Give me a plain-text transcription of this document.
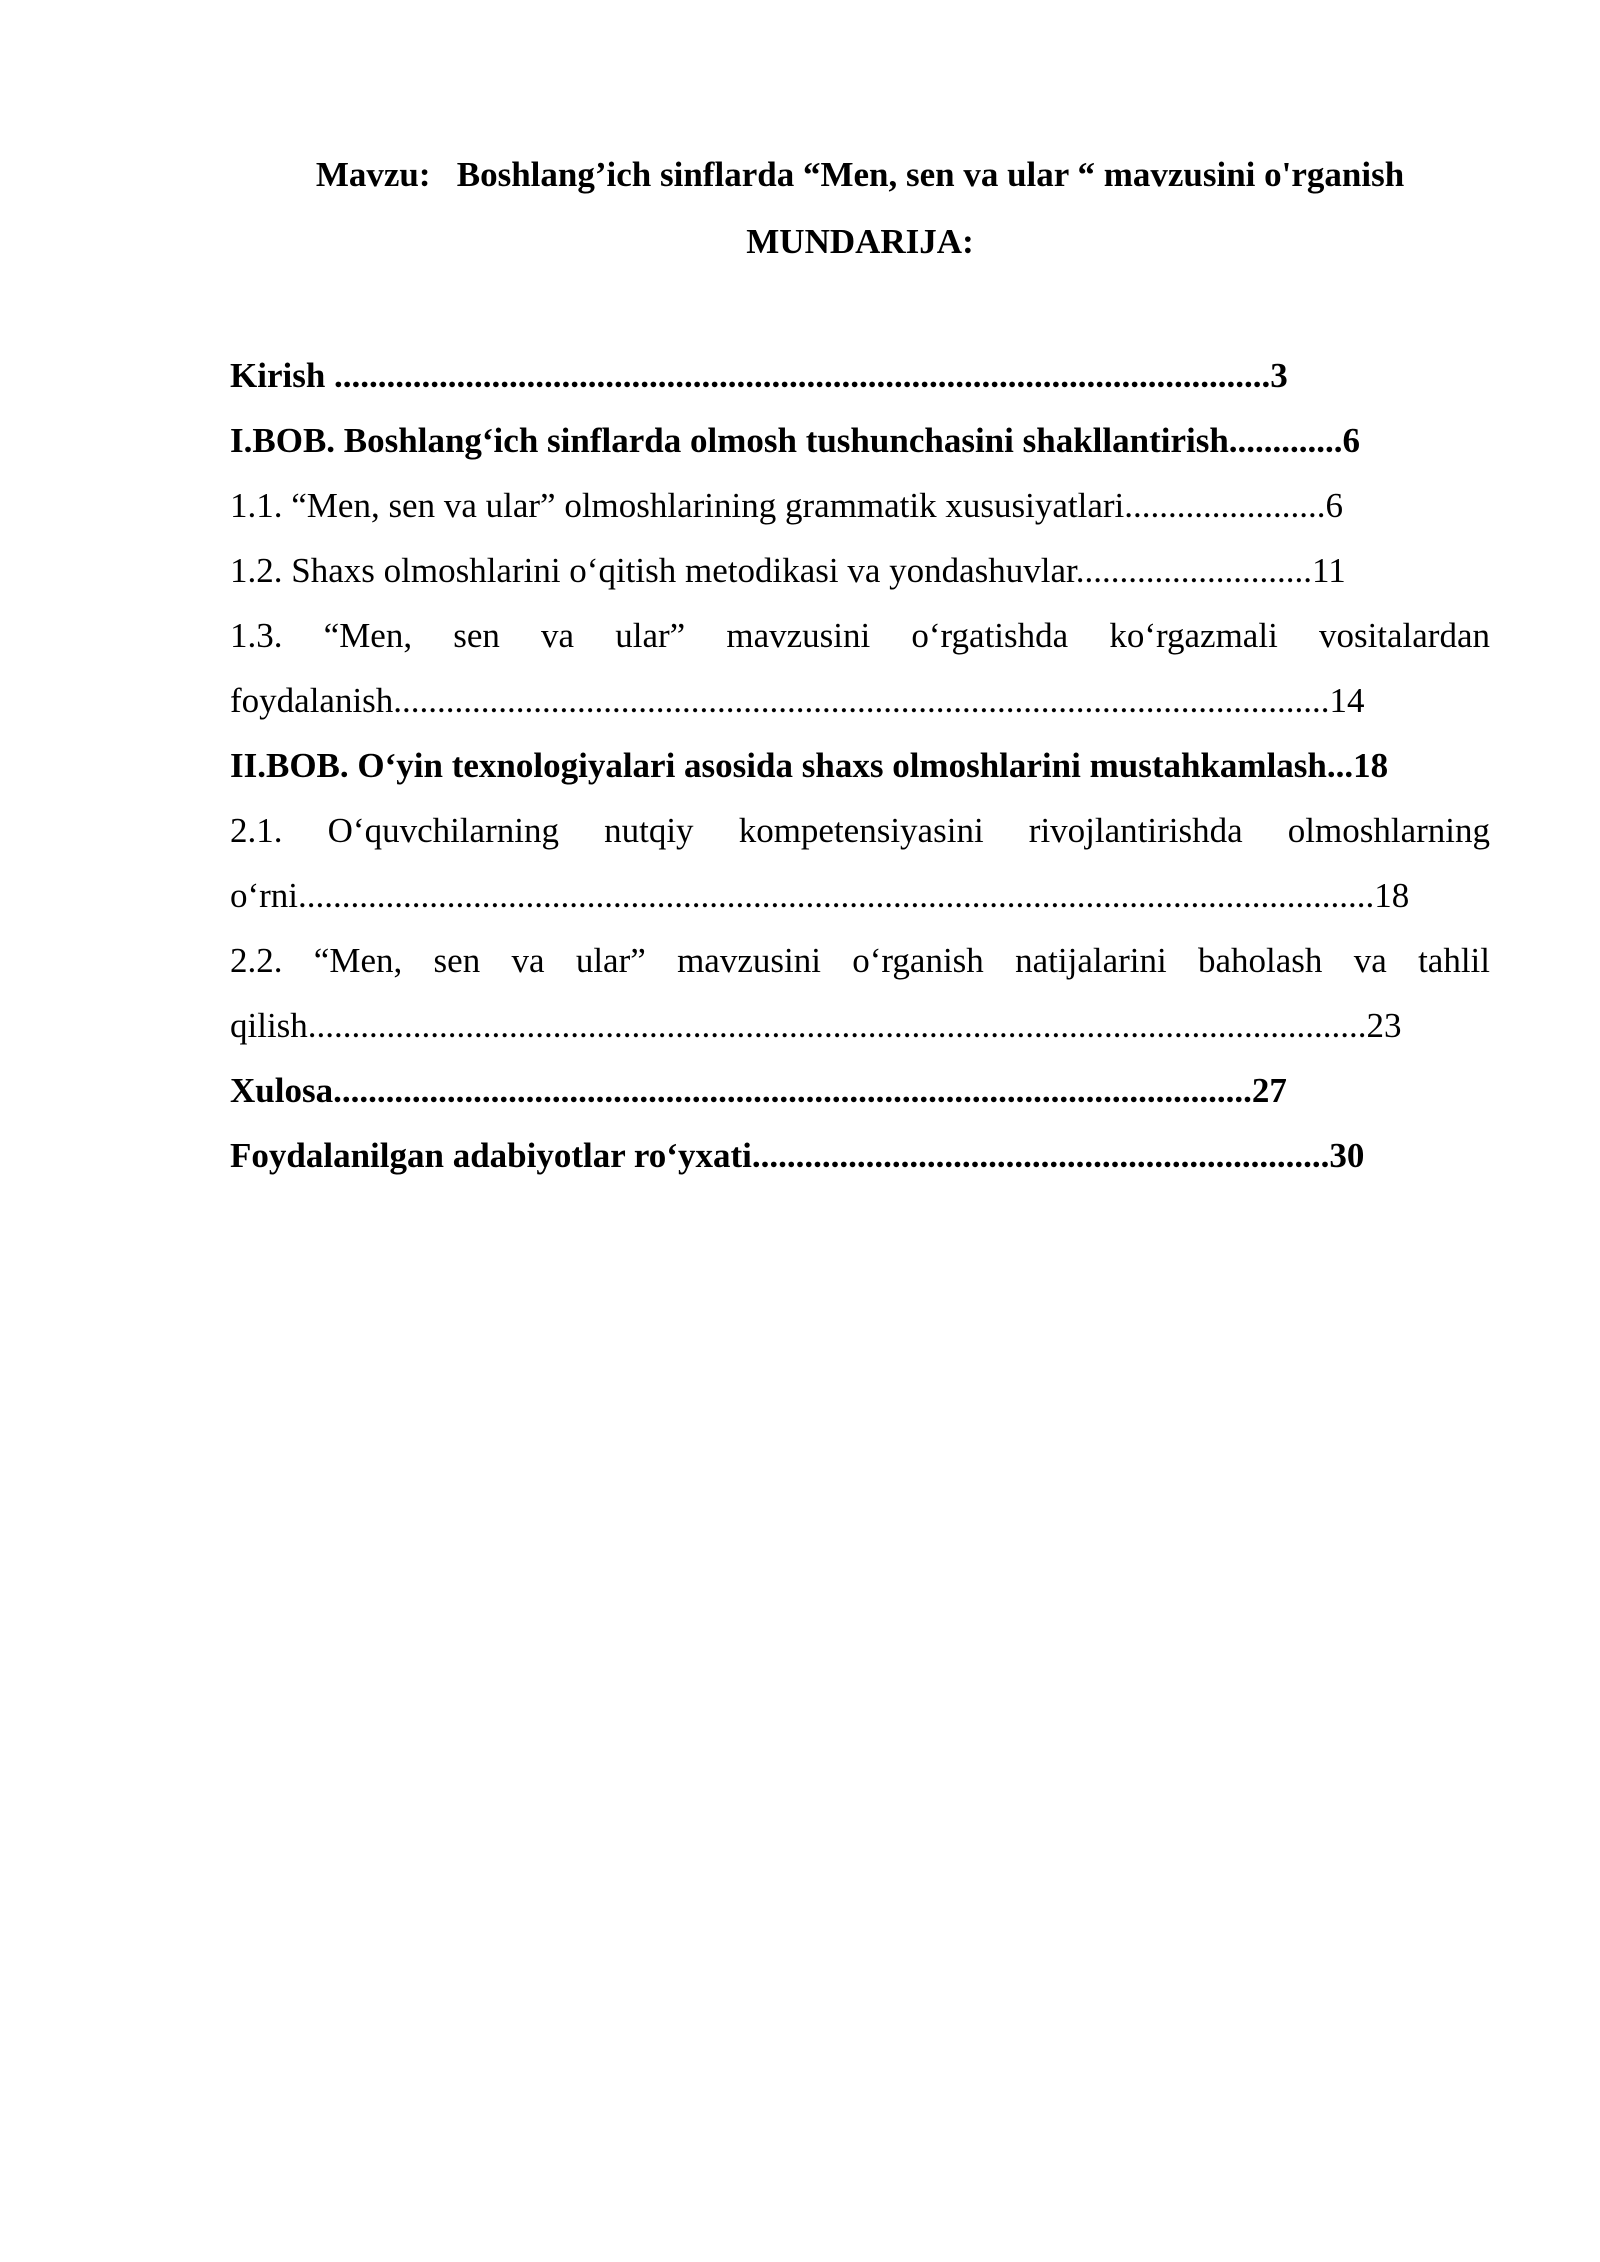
Mavzu:   Boshlang’ich sinflarda “Men, sen va ular “ mavzusini o'rganish
MUNDARIJA:
Kirish ...........................................................................................................3
I.BOB. Boshlang‘ich sinflarda olmosh tushunchasini shakllantirish.............6
1.1. “Men, sen va ular” olmoshlarining grammatik xususiyatlari.......................6
1.2. Shaxs olmoshlarini o‘qitish metodikasi va yondashuvlar...........................11
1.3. “Men, sen va ular” mavzusini o‘rgatishda ko‘rgazmali vositalardan
foydalanish...........................................................................................................14
II.BOB. O‘yin texnologiyalari asosida shaxs olmoshlarini mustahkamlash...18
2.1. O‘quvchilarning nutqiy kompetensiyasini rivojlantirishda olmoshlarning
o‘rni...........................................................................................................................18
2.2. “Men, sen va ular” mavzusini o‘rganish natijalarini baholash va tahlil
qilish.........................................................................................................................23
Xulosa.........................................................................................................27
Foydalanilgan adabiyotlar ro‘yxati..................................................................30
